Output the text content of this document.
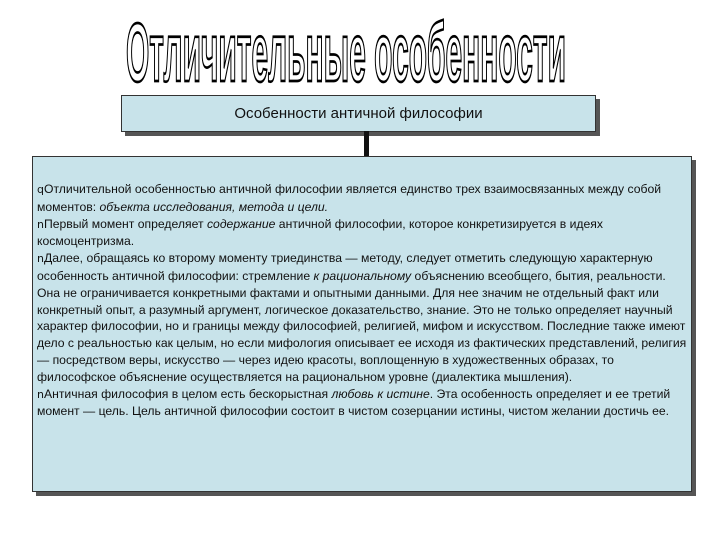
Отличительные особенности
Особенности античной философии

qОтличительной особенностью античной философии является единство трех взаимосвязанных между собой моментов: объекта исследования, метода и цели.

nПервый момент определяет содержание античной философии, которое конкретизируется в идеях космоцентризма.

nДалее, обращаясь ко второму моменту триединства — методу, следует отметить следующую характерную особенность античной философии: стремление к рациональному объяснению всеобщего, бытия, реальности. Она не ограничивается конкретными фактами и опытными данными. Для нее значим не отдельный факт или конкретный опыт, а разумный аргумент, логическое доказательство, знание. Это не только определяет научный характер философии, но и границы между философией, религией, мифом и искусством. Последние также имеют дело с реальностью как целым, но если мифология описывает ее исходя из фактических представлений, религия — посредством веры, искусство — через идею красоты, воплощенную в художественных образах, то философское объяснение осуществляется на рациональном уровне (диалектика мышления).

nАнтичная философия в целом есть бескорыстная любовь к истине. Эта особенность определяет и ее третий момент — цель. Цель античной философии состоит в чистом созерцании истины, чистом желании достичь ее.
